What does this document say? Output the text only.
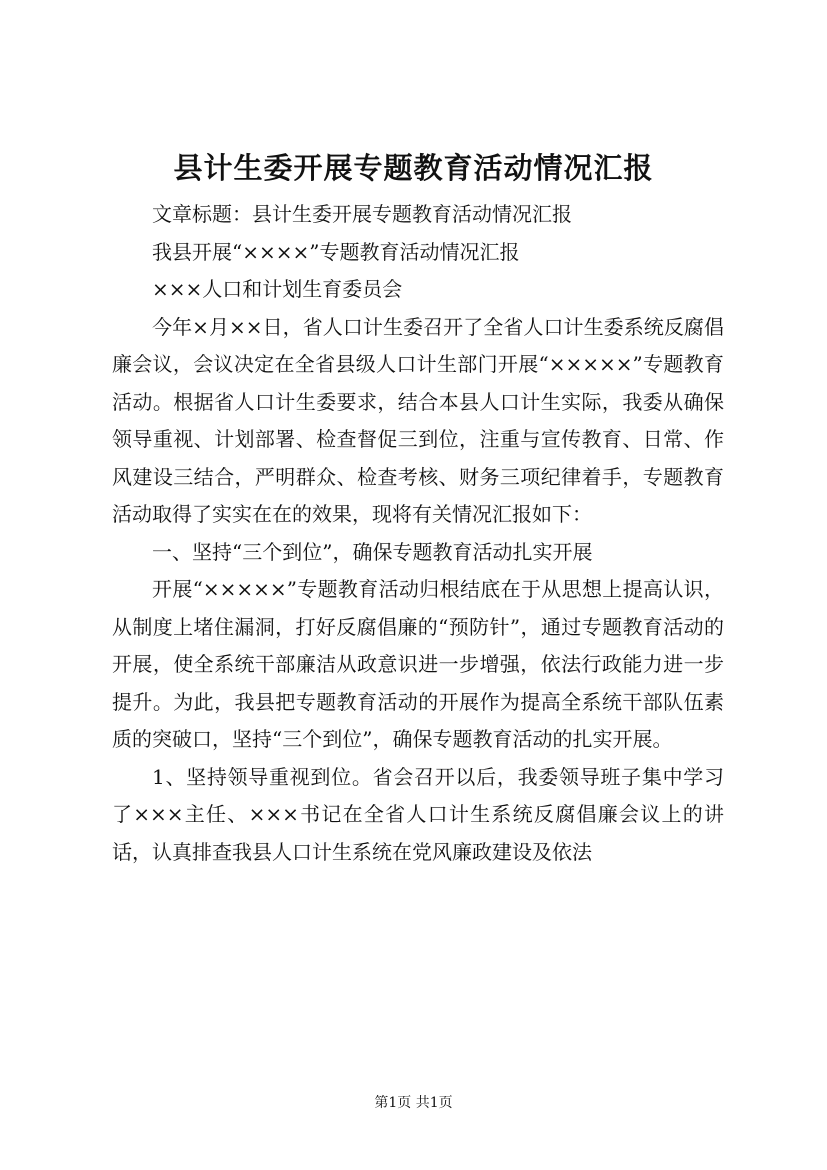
县计生委开展专题教育活动情况汇报

文章标题：县计生委开展专题教育活动情况汇报

我县开展“××××”专题教育活动情况汇报

×××人口和计划生育委员会

今年×月××日，省人口计生委召开了全省人口计生委系统反腐倡廉会议，会议决定在全省县级人口计生部门开展“×××××”专题教育活动。根据省人口计生委要求，结合本县人口计生实际，我委从确保领导重视、计划部署、检查督促三到位，注重与宣传教育、日常、作风建设三结合，严明群众、检查考核、财务三项纪律着手，专题教育活动取得了实实在在的效果，现将有关情况汇报如下：

一、坚持“三个到位”，确保专题教育活动扎实开展

开展“×××××”专题教育活动归根结底在于从思想上提高认识，从制度上堵住漏洞，打好反腐倡廉的“预防针”，通过专题教育活动的开展，使全系统干部廉洁从政意识进一步增强，依法行政能力进一步提升。为此，我县把专题教育活动的开展作为提高全系统干部队伍素质的突破口，坚持“三个到位”，确保专题教育活动的扎实开展。

1、坚持领导重视到位。省会召开以后，我委领导班子集中学习了×××主任、×××书记在全省人口计生系统反腐倡廉会议上的讲话，认真排查我县人口计生系统在党风廉政建设及依法

第1页 共1页
